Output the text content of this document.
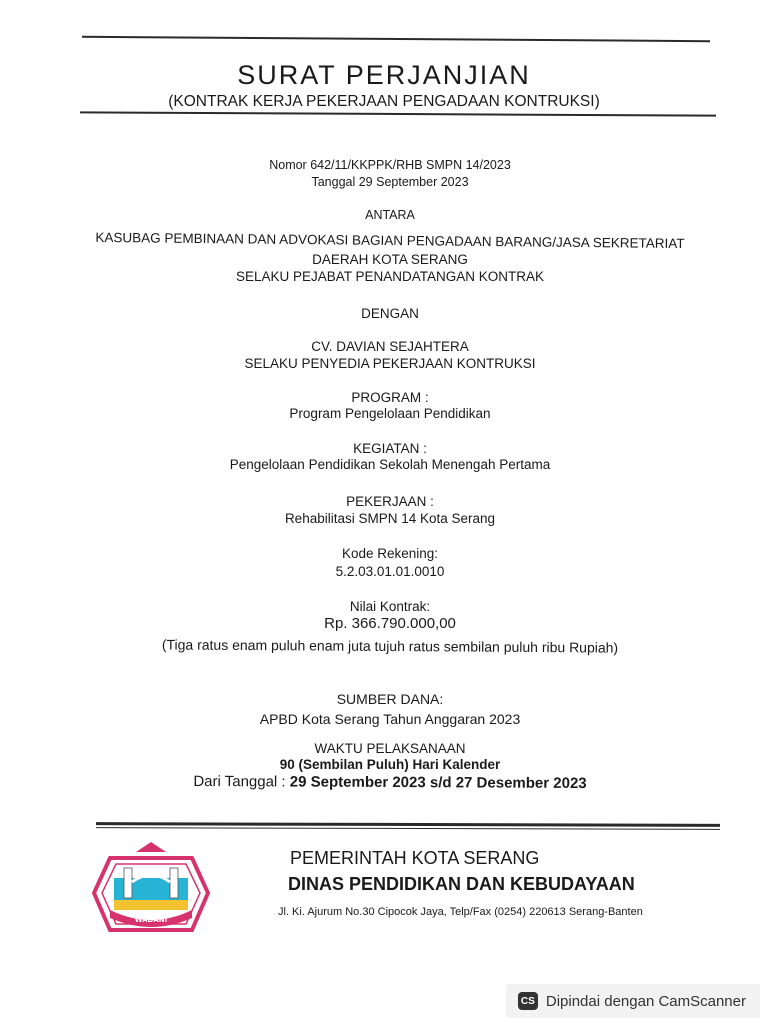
SURAT PERJANJIAN
(KONTRAK KERJA PEKERJAAN PENGADAAN KONTRUKSI)
Nomor 642/11/KKPPK/RHB SMPN 14/2023
Tanggal 29 September 2023
ANTARA
KASUBAG PEMBINAAN DAN ADVOKASI BAGIAN PENGADAAN BARANG/JASA SEKRETARIAT
DAERAH KOTA SERANG
SELAKU PEJABAT PENANDATANGAN KONTRAK
DENGAN
CV. DAVIAN SEJAHTERA
SELAKU PENYEDIA PEKERJAAN KONTRUKSI
PROGRAM :
Program Pengelolaan Pendidikan
KEGIATAN :
Pengelolaan Pendidikan Sekolah Menengah Pertama
PEKERJAAN :
Rehabilitasi SMPN 14 Kota Serang
Kode Rekening:
5.2.03.01.01.0010
Nilai Kontrak:
Rp. 366.790.000,00
(Tiga ratus enam puluh enam juta tujuh ratus sembilan puluh ribu Rupiah)
SUMBER DANA:
APBD Kota Serang Tahun Anggaran 2023
WAKTU PELAKSANAAN
90 (Sembilan Puluh) Hari Kalender
Dari Tanggal : 29 September 2023 s/d 27 Desember 2023
WADANI
PEMERINTAH KOTA SERANG
DINAS PENDIDIKAN DAN KEBUDAYAAN
Jl. Ki. Ajurum No.30 Cipocok Jaya, Telp/Fax (0254) 220613 Serang-Banten
CS Dipindai dengan CamScanner
